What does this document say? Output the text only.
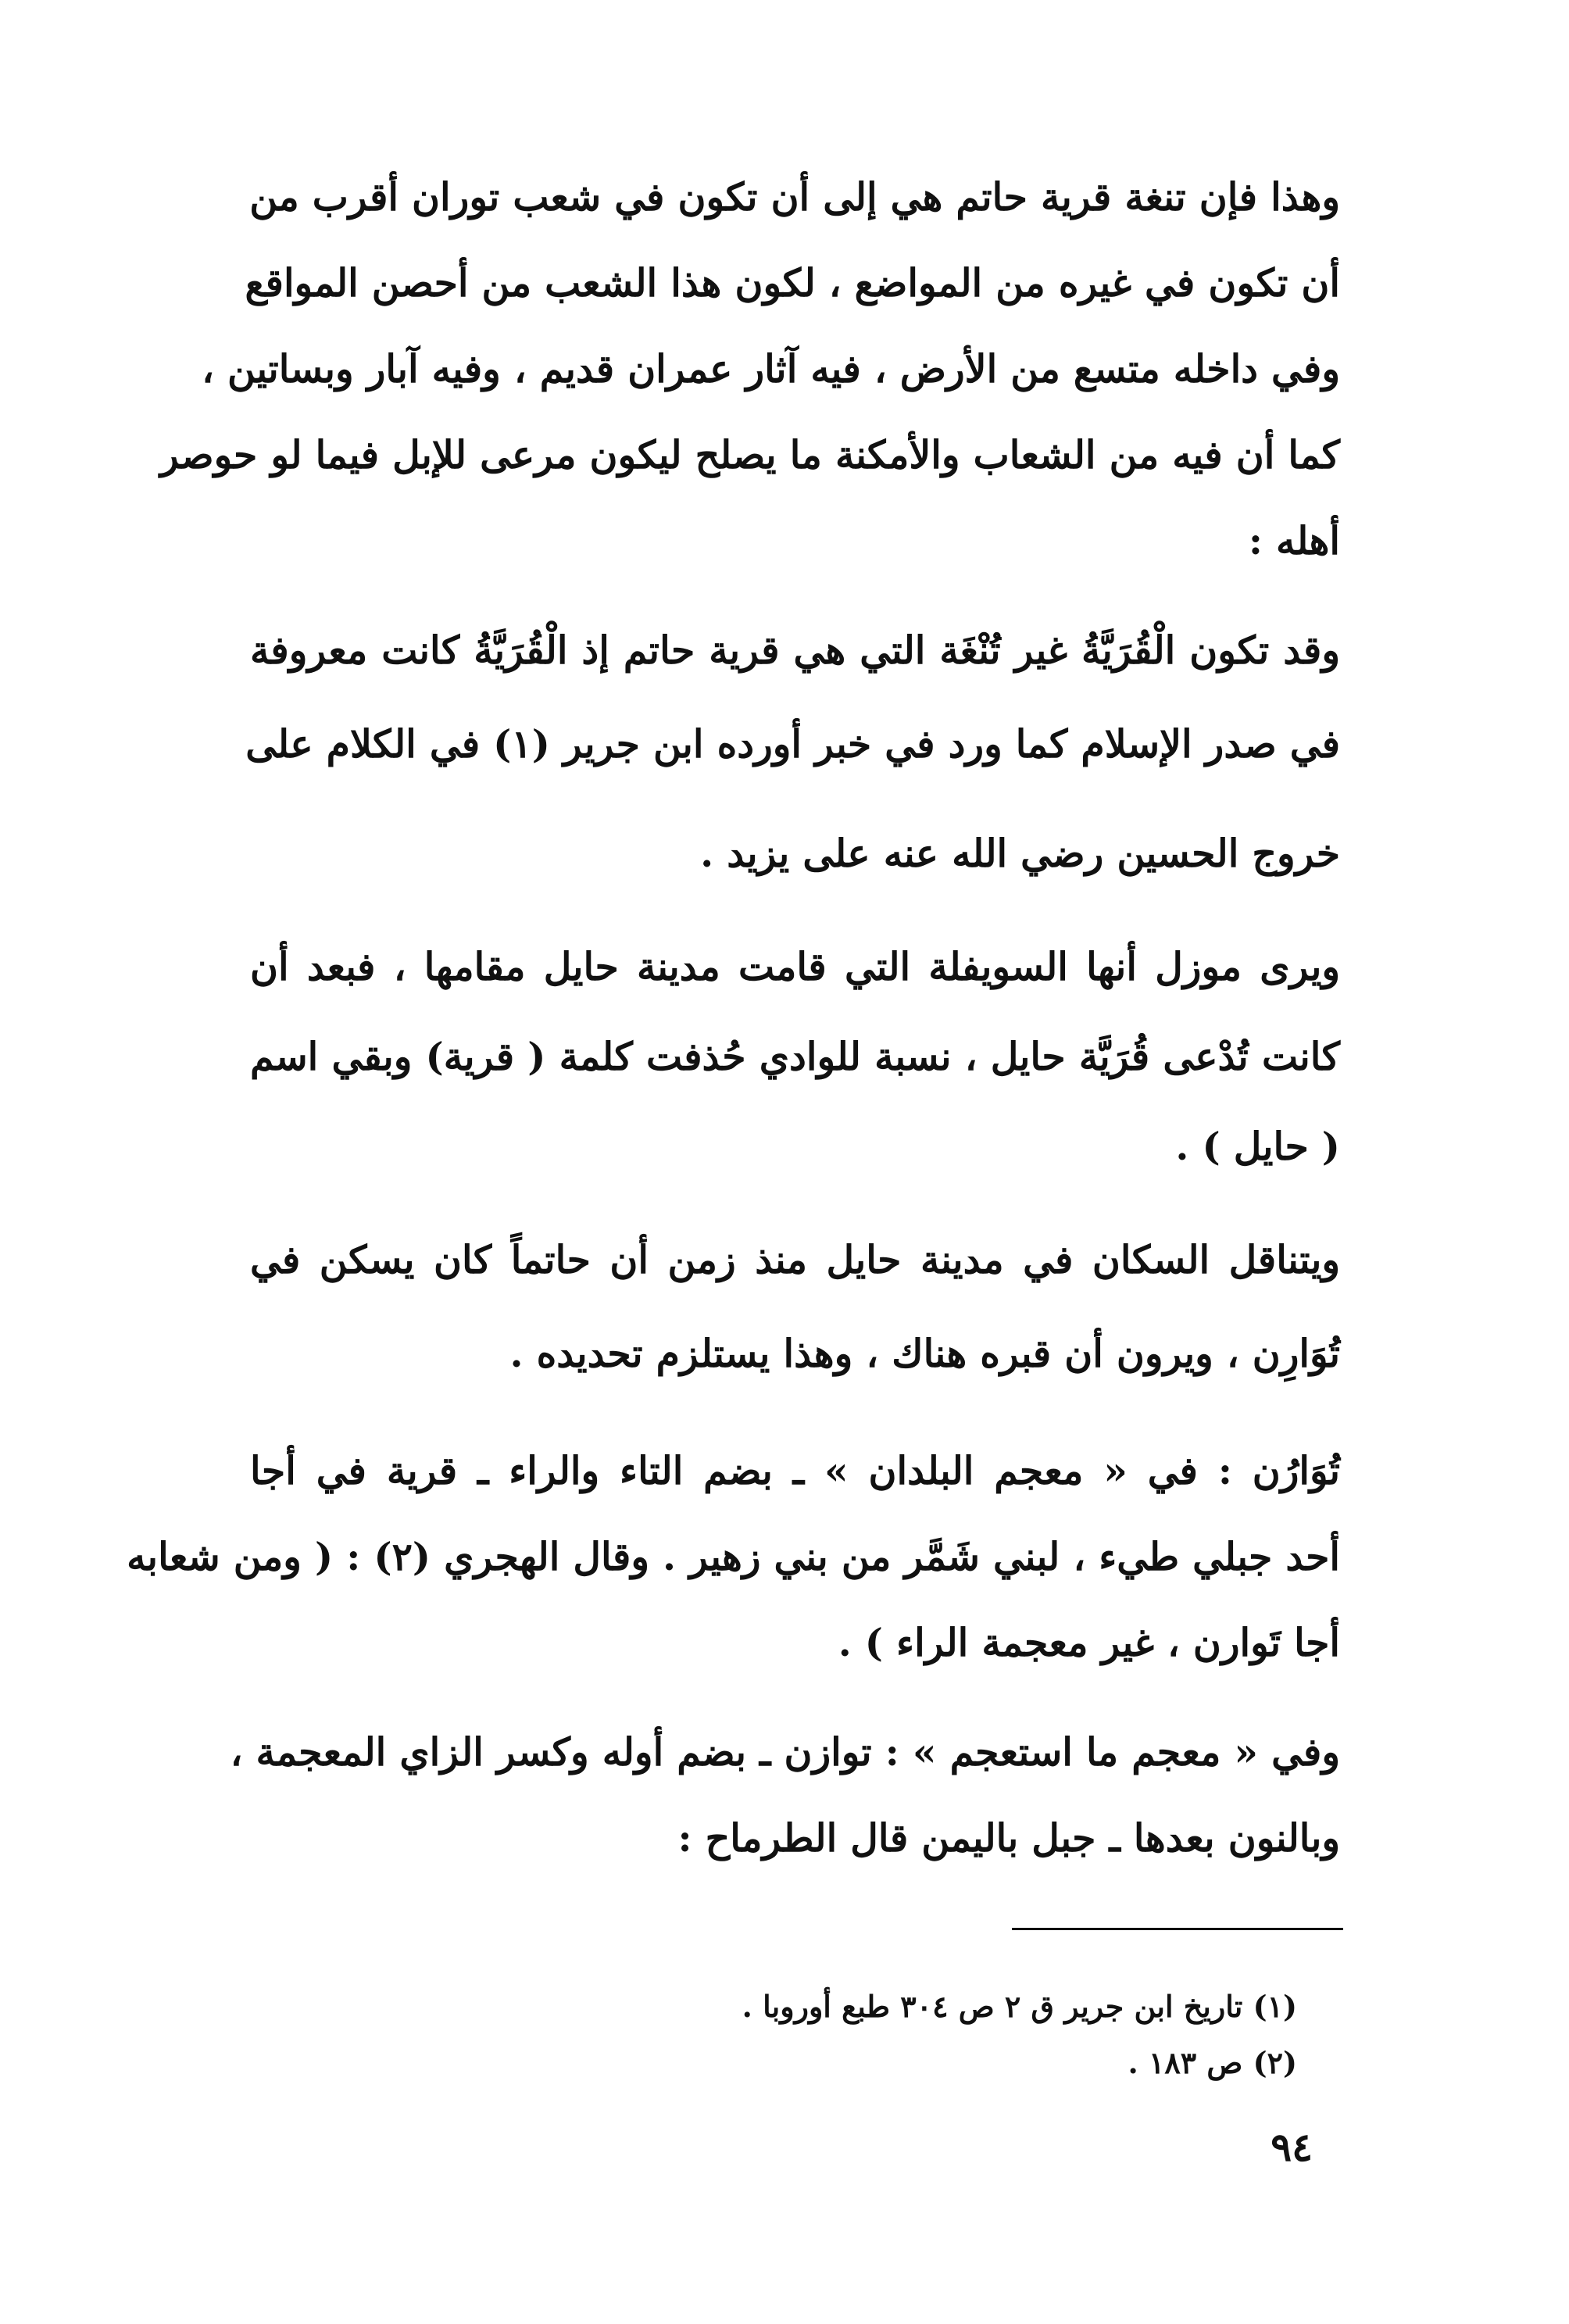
وهذا فإن تنغة قرية حاتم هي إلى أن تكون في شعب توران أقرب من
أن تكون في غيره من المواضع ، لكون هذا الشعب من أحصن المواقع
وفي داخله متسع من الأرض ، فيه آثار عمران قديم ، وفيه آبار وبساتين ،
كما أن فيه من الشعاب والأمكنة ما يصلح ليكون مرعى للإبل فيما لو حوصر
أهله :
وقد تكون الْقُرَيَّةُ غير تُنْغَة التي هي قرية حاتم إذ الْقُرَيَّةُ كانت معروفة
في صدر الإسلام كما ورد في خبر أورده ابن جرير (١) في الكلام على
خروج الحسين رضي الله عنه على يزيد .
ويرى موزل أنها السويفلة التي قامت مدينة حايل مقامها ، فبعد أن
كانت تُدْعى قُرَيَّة حايل ، نسبة للوادي حُذفت كلمة ( قرية) وبقي اسم
( حايل ) .
ويتناقل السكان في مدينة حايل منذ زمن أن حاتماً كان يسكن في
تُوَارِن ، ويرون أن قبره هناك ، وهذا يستلزم تحديده .
تُوَارُن : في « معجم البلدان » ـ بضم التاء والراء ـ قرية في أجا
أحد جبلي طيء ، لبني شَمَّر من بني زهير . وقال الهجري (٢) : ( ومن شعابه
أجا تَوارن ، غير معجمة الراء ) .
وفي « معجم ما استعجم » : توازن ـ بضم أوله وكسر الزاي المعجمة ،
وبالنون بعدها ـ جبل باليمن قال الطرماح :
(١) تاريخ ابن جرير ق ٢ ص ٣٠٤ طبع أوروبا .
(٢) ص ١٨٣ .
٩٤
